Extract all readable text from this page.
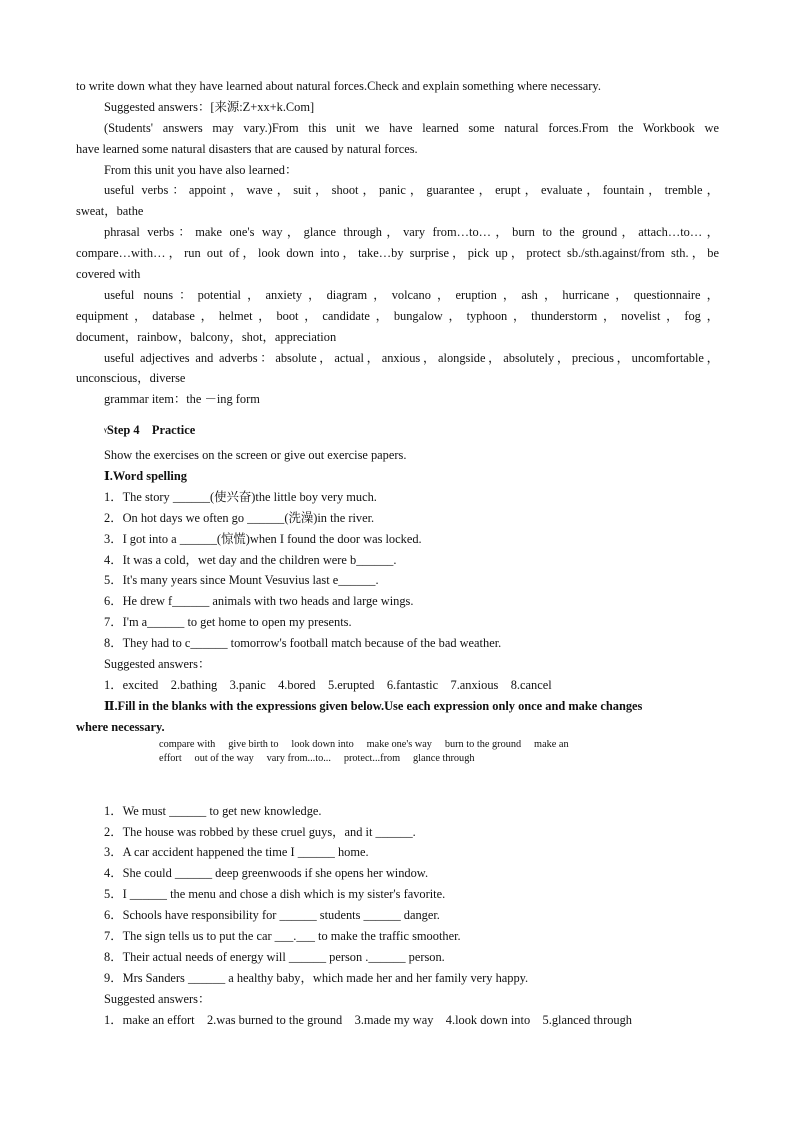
to write down what they have learned about natural forces.Check and explain something where necessary.
Suggested answers：[来源:Z+xx+k.Com]
(Students' answers may vary.)From this unit we have learned some natural forces.From the Workbook we
have learned some natural disasters that are caused by natural forces.
From this unit you have also learned：
useful verbs：appoint，wave，suit，shoot，panic，guarantee，erupt，evaluate，fountain，tremble，
sweat，bathe
phrasal verbs：make one's way，glance through，vary from…to…，burn to the ground，attach…to…，
compare…with…，run out of，look down into，take…by surprise，pick up，protect sb./sth.against/from sth.，be
covered with
useful nouns：potential，anxiety，diagram，volcano，eruption，ash，hurricane，questionnaire，
equipment，database，helmet，boot，candidate，bungalow，typhoon，thunderstorm，novelist，fog，
document，rainbow，balcony，shot，appreciation
useful adjectives and adverbs：absolute，actual，anxious，alongside，absolutely，precious，uncomfortable，
unconscious，diverse
grammar item：the －ing form
ᵞStep 4　Practice
Show the exercises on the screen or give out exercise papers.
Ⅰ.Word spelling
1．The story ______(使兴奋)the little boy very much.
2．On hot days we often go ______(洗澡)in the river.
3．I got into a ______(惊慌)when I found the door was locked.
4．It was a cold，wet day and the children were b______.
5．It's many years since Mount Vesuvius last e______.
6．He drew f______ animals with two heads and large wings.
7．I'm a______ to get home to open my presents.
8．They had to c______ tomorrow's football match because of the bad weather.
Suggested answers：
1．excited　2.bathing　3.panic　4.bored　5.erupted　6.fantastic　7.anxious　8.cancel
Ⅱ.Fill in the blanks with the expressions given below.Use each expression only once and make changes
where necessary.
compare with　 give birth to　 look down into　 make one's way　 burn to the ground　 make an
effort　 out of the way　 vary from...to...　 protect...from　 glance through
1．We must ______ to get new knowledge.
2．The house was robbed by these cruel guys，and it ______.
3．A car accident happened the time I ______ home.
4．She could ______ deep greenwoods if she opens her window.
5．I ______ the menu and chose a dish which is my sister's favorite.
6．Schools have responsibility for ______ students ______ danger.
7．The sign tells us to put the car ___.___ to make the traffic smoother.
8．Their actual needs of energy will ______ person .______ person.
9．Mrs Sanders ______ a healthy baby，which made her and her family very happy.
Suggested answers：
1．make an effort　2.was burned to the ground　3.made my way　4.look down into　5.glanced through
